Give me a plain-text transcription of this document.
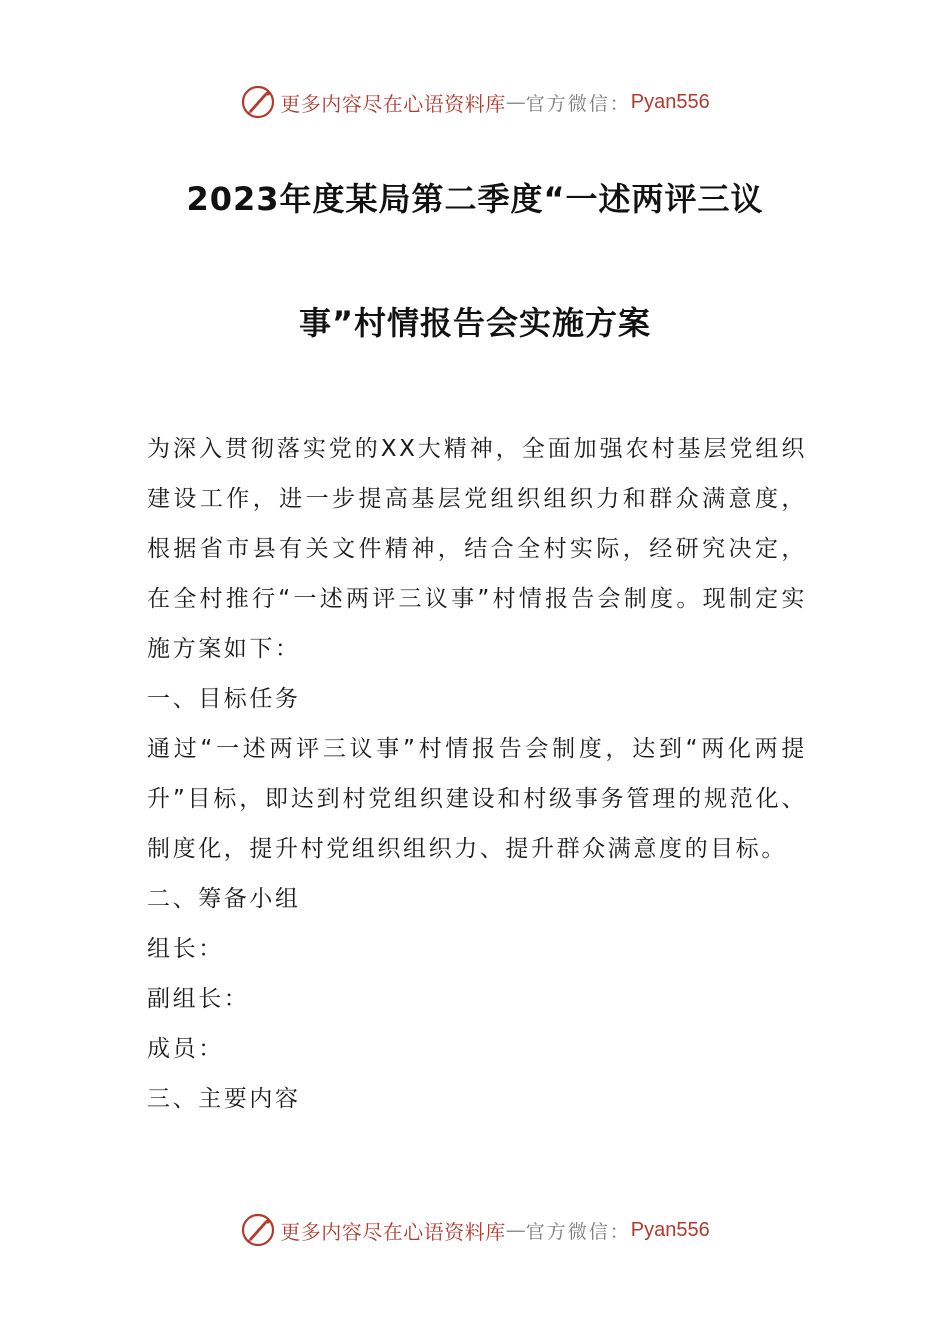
更多内容尽在心语资料库 — 官方微信： Pyan556
2023年度某局第二季度“一述两评三议
事”村情报告会实施方案

为深入贯彻落实党的XX大精神，全面加强农村基层党组织建设工作，进一步提高基层党组织组织力和群众满意度，根据省市县有关文件精神，结合全村实际，经研究决定，在全村推行“一述两评三议事”村情报告会制度。现制定实施方案如下：

一、目标任务

通过“一述两评三议事”村情报告会制度，达到“两化两提升”目标，即达到村党组织建设和村级事务管理的规范化、制度化，提升村党组织组织力、提升群众满意度的目标。

二、筹备小组

组长：

副组长：

成员：

三、主要内容

更多内容尽在心语资料库 — 官方微信： Pyan556
